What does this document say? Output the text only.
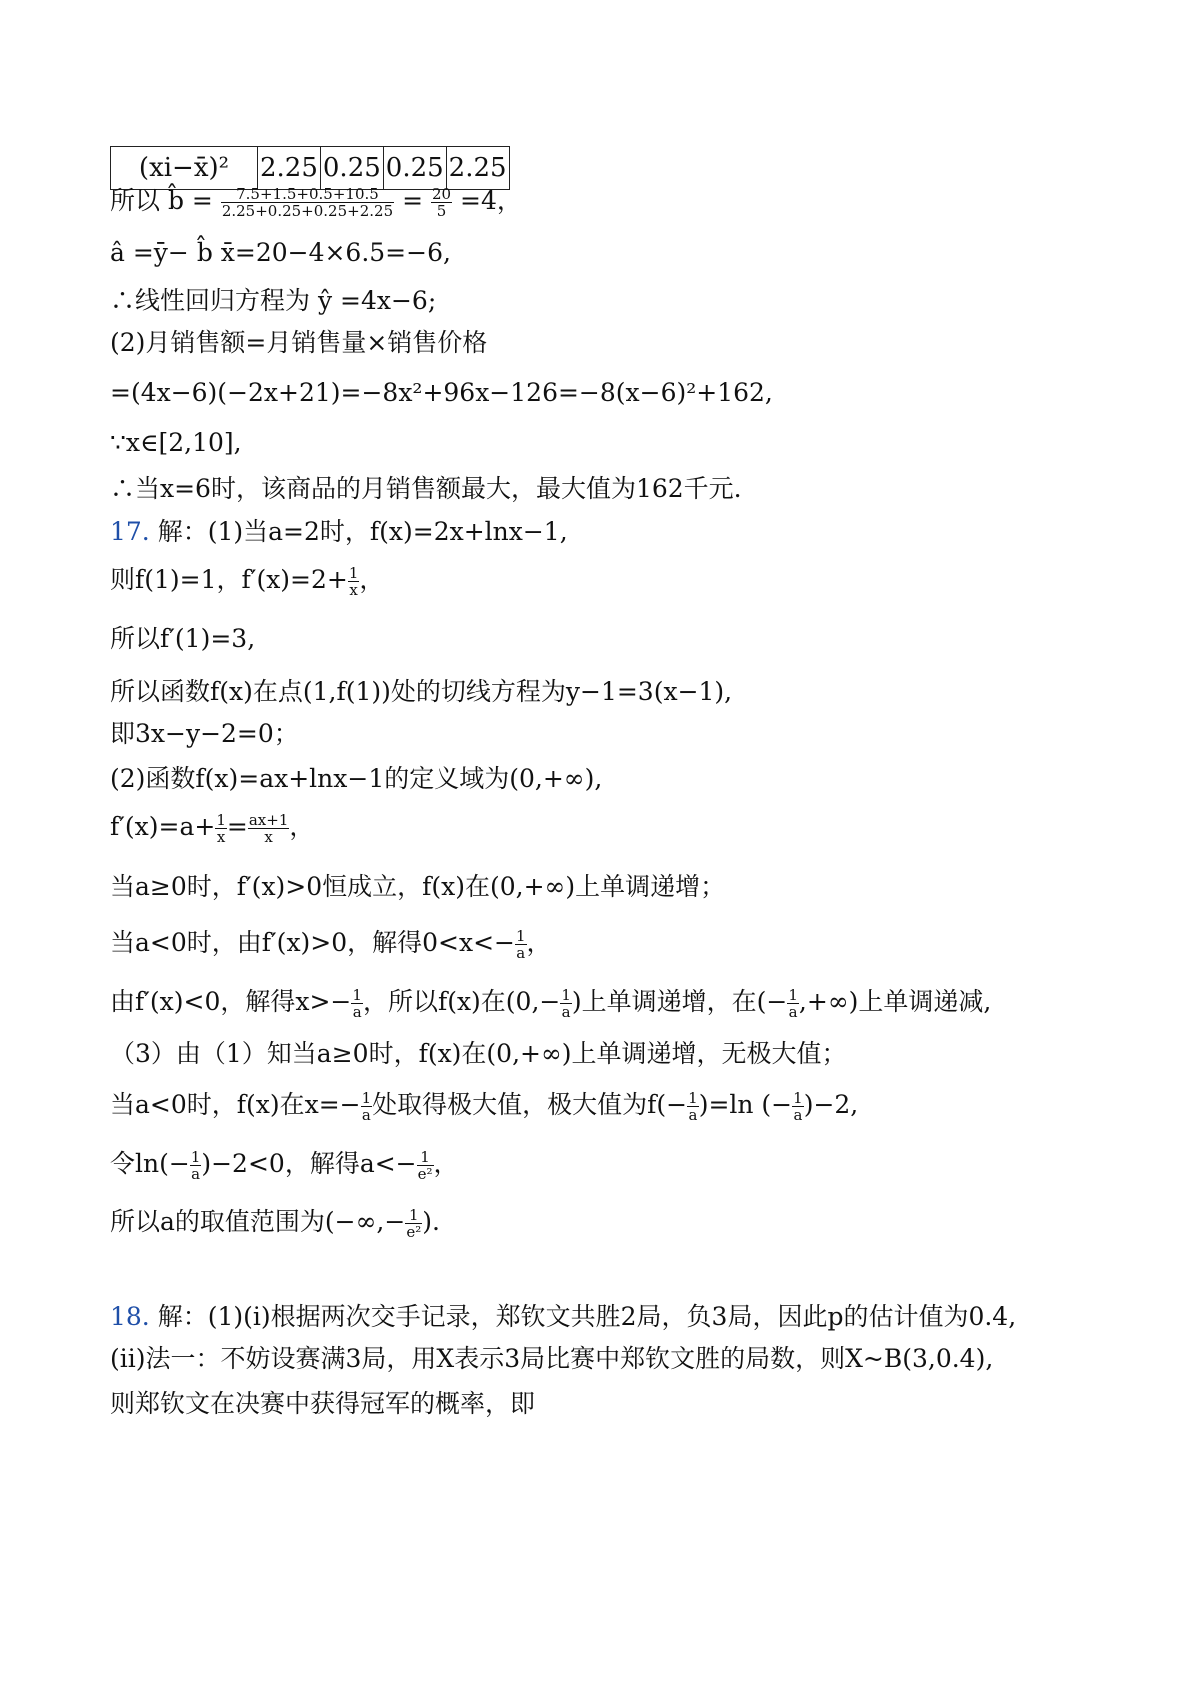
(xi−x̄)²	2.25	0.25	0.25	2.25
所以 b̂ = $\frac{7.5+1.5+0.5+10.5}{2.25+0.25+0.25+2.25} = \frac{20}{5} =4$，
â =ȳ− b̂ x̄=20−4×6.5=−6,
∴线性回归方程为 ŷ =4x−6;
(2)月销售额=月销售量×销售价格
=(4x−6)(−2x+21)=−8x²+96x−126=−8(x−6)²+162,
∵x∈[2,10],
∴当x=6时，该商品的月销售额最大，最大值为162千元.
17. 解：(1)当a=2时，f(x)=2x+lnx−1,
则f(1)=1，$f'(x)=2+ \frac{1}{x}$ ，
所以f′(1)=3,
所以函数f(x)在点(1,f(1))处的切线方程为y−1=3(x−1),
即3x−y−2=0；
(2)函数f(x)=ax+lnx−1的定义域为(0,+∞),
$f'(x)=a+ \frac{1}{x} = \frac{ax+1}{x}$ ，
当a≥0时，f′(x)>0恒成立，f(x)在(0,+∞)上单调递增；
当a<0时，由f′(x)>0，解得$0<x<- \frac{1}{a}$ ，
由f′(x)<0，解得$x>- \frac{1}{a}$ ，所以f(x)在($0,- \frac{1}{a}$ )上单调递增，在(− $\frac{1}{a}$ ,+∞)上单调递减,
（3）由（1）知当a≥0时，f(x)在(0,+∞)上单调递增，无极大值；
当a<0时，f(x)在$x=- \frac{1}{a}$ 处取得极大值，极大值为$f(- \frac{1}{a} )=\ln$ (− $\frac{1}{a} )-2$,
令$\ln(- \frac{1}{a} )-2<0$，解得$a<- \frac{1}{\text{e²}}$ ，
所以a的取值范围为(−∞,− $\frac{1}{\text{e²}}$ ).
18. 解：(1)(i)根据两次交手记录，郑钦文共胜2局，负3局，因此p的估计值为0.4,
(ii)法一：不妨设赛满3局，用X表示3局比赛中郑钦文胜的局数，则X~B(3,0.4),
则郑钦文在决赛中获得冠军的概率，即
